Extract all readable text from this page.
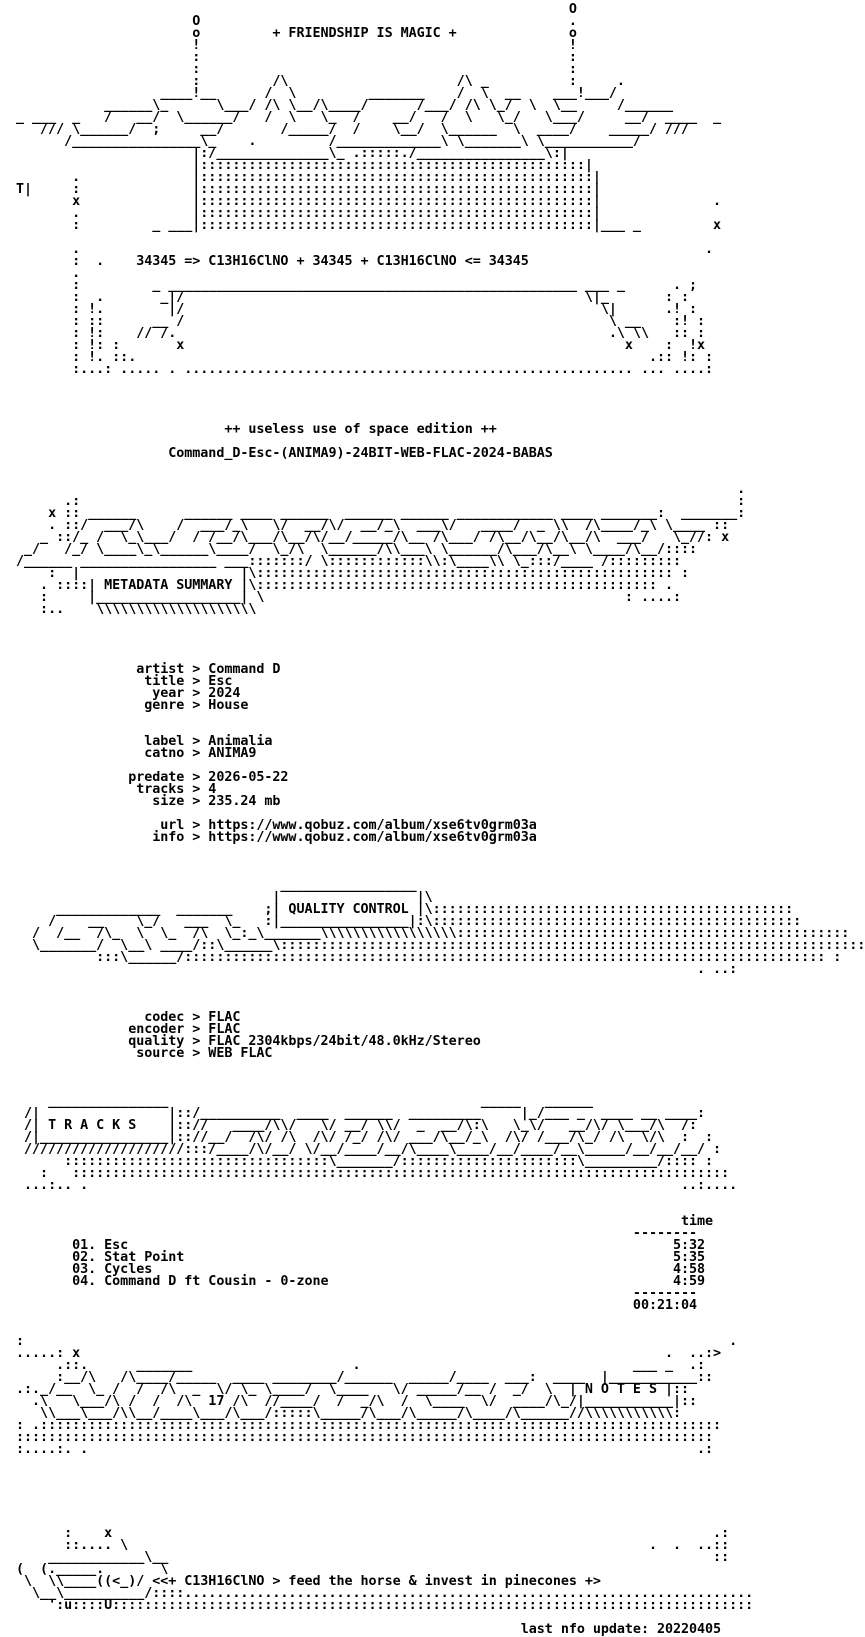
O
O                                              .
o         + FRIENDSHIP IS MAGIC +              o
!                                              !
:                                              :
:                                              :
:         /\                     /\ _          :     .
____!__      /  \         _______    /  \  __    ___!___/
______\_      \___/ /\ \__/\____/      /___/ /\ \_/  \  \__     /______
_ ___  _   /   __/  \______/   /  \   \_  /    __/   /  \   \_/   \___/     __/  ____  _
/// \______/  ;     __/       /_____/  /    \__/  \______  \  ____/    _____/ ///
/________________\_    .         /_____________\ \_______\ \___________/
|:/______________\_ .:::::./________________\:|
|::::::::::::::::::::::::::::::::::::::::::::::::|
.              |:::::::::::::::::::::::::::::::::::::::::::::::::|
T|     :              |:::::::::::::::::::::::::::::::::::::::::::::::::|
x              |:::::::::::::::::::::::::::::::::::::::::::::::::|              .
.              |:::::::::::::::::::::::::::::::::::::::::::::::::|
:         _ ___|:::::::::::::::::::::::::::::::::::::::::::::::::|___ _         x
.                                                                              .
:  .    34345 => C13H16ClNO + 34345 + C13H16ClNO <= 34345
.
:         _ ___________________________________________________ ___ _      . ;
:  .       _|/                                                  \|_       : :
: !.        |/                                                    \|      .! :
: ::      __ /                                                     \ __    :! :
: !:    // /.                                                      .\ \\   :: :
: !: :       x                                                       x    :  !x
: !. ::.                                                                .:: !: :
:...: ..... . ........................................................ ... ....:
++ useless use of space edition ++
Command_D-Esc-(ANIMA9)-24BIT-WEB-FLAC-2024-BABAS
.
.:                                                                                  :
x :: ______      ______ ____ ______  ______ ______ ____________ ____ _______:  _______:
. ::/  ___/\    /  ___/_\   \/  __/\/  __/_\  ___\/   ____/  _ \\  /\____/_\ \____ ::
_ ::/_ /  \_\___/  / /__/\___/\__/\/__/_____/\__ /\___/ /\__/\__/\__/\  ___/   \_//: x
_/   /_/ \____\_\______\____/  \_/\  \______/\\___\ \______/\___/\__\ \____/\__/::::
/______ _________________ ___:::::::/ \::::::::::::\\:\____\\ \_:::/____ /:::::::::
:  |                    |\:::::::::::::::::::::::::::::::::::::::::::::::::::: :
. ::::| METADATA SUMMARY |\:::::::::::::::::::::::::::::::::::::::::::::::::: .
:     |__________________| \                                             : ....:
:..    \\\\\\\\\\\\\\\\\\\\
artist > Command D
title > Esc
year > 2024
genre > House
label > Animalia
catno > ANIMA9
predate > 2026-05-22
tracks > 4
size > 235.24 mb
url > https://www.qobuz.com/album/xse6tv0grm03a
info > https://www.qobuz.com/album/xse6tv0grm03a
_________________
|                 |\
_____________  _______    ;| QUALITY CONTROL |\:::::::::::::::::::::::::::::::::::::::::::::
/    __    \_/   ___  \_   :|________________|:\::::::::::::::::::::::::::::::::::::::::::::::
/  /__  /\_  \  \_  /\  \_:_\_______\\\\\\\\\\\\\\\\\:::::::::::::::::::::::::::::::::::::::::::::::::
\_______/  \__\ ____/::\______\:::::::::::::::::::::::::::::::::::::::::::::::::::::::::::::::::::::::::
:::\______/:::::::::::::::::::::::::::::::::::::::::::::::::::::::::::::::::::::::::::::::: :
. ..:
codec > FLAC
encoder > FLAC
quality > FLAC 2304kbps/24bit/48.0kHz/Stereo
source > WEB FLAC
_______________                                       _____   ______
/|                |::/__________  ____  ______  _________     |_/___ _  ____ __ ____:
/| T R A C K S    |:://   ____/\\/   \/ __/ \\/  _  __/\:\   \_\/   __/\/ \___/\  /:
/|________________|:://__/  /\/ /\  /\/ /_/ /\/ ___/\__/_\  /\/ /___/\_/ /\  \/\  :  :
////////////////////:::/____/\/__/ \/__/____/__/\____\____/__/____/__\_____/__/__/__/ :
:::::::::::::::::::::::::::::::::\_______/::::::::::::::::::::::\_________/:::: :
:   ::::::::::::::::::::::::::::::::::::::::::::::::::::::::::::::::::::::::::::::::::
...:.. .                                                                          ..:....
time
--------
01. Esc                                                                    5:32
02. Stat Point                                                             5:35
03. Cycles                                                                 4:58
04. Command D ft Cousin - 0-zone                                           4:59
--------
00:21:04
:                                                                                        .
.....: x                                                                         .  ..:>
.::.      _______                    .                                  ___ _  .:
:__/\   /\____/_____  ____ ________/______  _____/____  ___:  ____  |___________::
.:._/__  \_ /  /  /\  _  \/ \_ \____/  \____   \/ _____/__ /  _/  \  | N O T E S |::
.\   \___/\ /  /  /\  17 /\  //____/  /  _/\  /  \____  \/  ____/\_/|___________|::
\\___\___/\\__/____\___/\___/:::::\_____/\___/\_____/\____/\______//\\\\\\\\\\\:
: .:::::::::::::::::::::::::::::::::::::::::::::::::::::::::::::::::::::::::::::::::::::
:::::::::::::::::::::::::::::::::::::::::::::::::::::::::::::::::::::::::::::::::::::::
:....:. .                                                                            .:
:    x                                                                           .:
::.... \                                                                 .  .  ..::
____________\__                                                                    ::
(  (._____.       \
\  \\____((<_)/ <<+ C13H16ClNO > feed the horse & invest in pinecones +>
\__\__________/::::.......................................................................
':u::::U::::::::::::::::::::::::::::::::::::::::::::::::::::::::::::::::::::::::::::::::
last nfo update: 20220405
